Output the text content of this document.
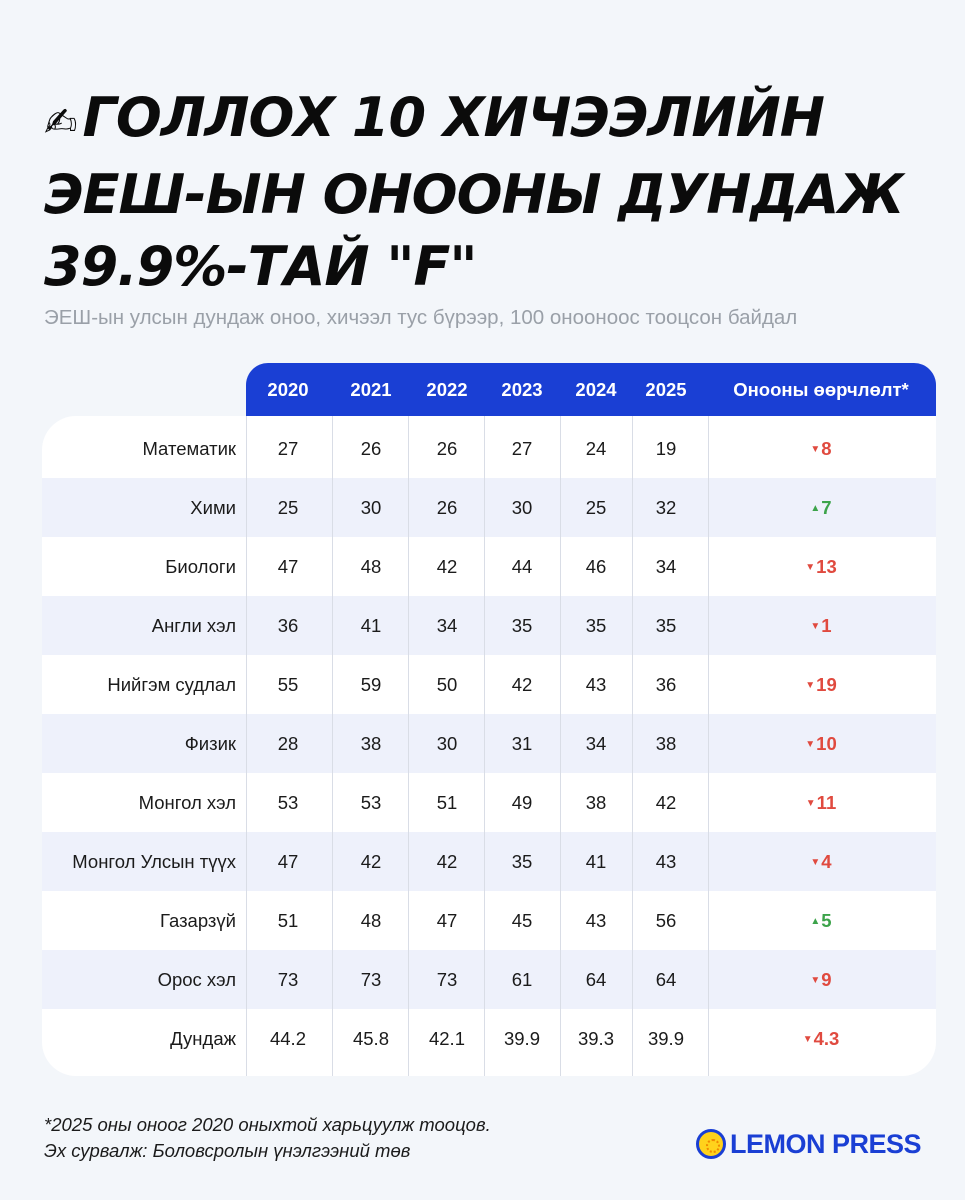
✍ ГОЛЛОХ 10 ХИЧЭЭЛИЙН
ЭЕШ-ЫН ОНООНЫ ДУНДАЖ
39.9%-ТАЙ "F"
ЭЕШ-ын улсын дундаж оноо, хичээл тус бүрээр, 100 онооноос тооцсон байдал
2020	2021	2022	2023	2024	2025	Онооны өөрчлөлт*
Математик	27	26	26	27	24	19	▼8
Хими	25	30	26	30	25	32	▲7
Биологи	47	48	42	44	46	34	▼13
Англи хэл	36	41	34	35	35	35	▼1
Нийгэм судлал	55	59	50	42	43	36	▼19
Физик	28	38	30	31	34	38	▼10
Монгол хэл	53	53	51	49	38	42	▼11
Монгол Улсын түүх	47	42	42	35	41	43	▼4
Газарзүй	51	48	47	45	43	56	▲5
Орос хэл	73	73	73	61	64	64	▼9
Дундаж	44.2	45.8	42.1	39.9	39.3	39.9	▼4.3
*2025 оны оноог 2020 оныхтой харьцуулж тооцов.
Эх сурвалж: Боловсролын үнэлгээний төв	LEMON PRESS
